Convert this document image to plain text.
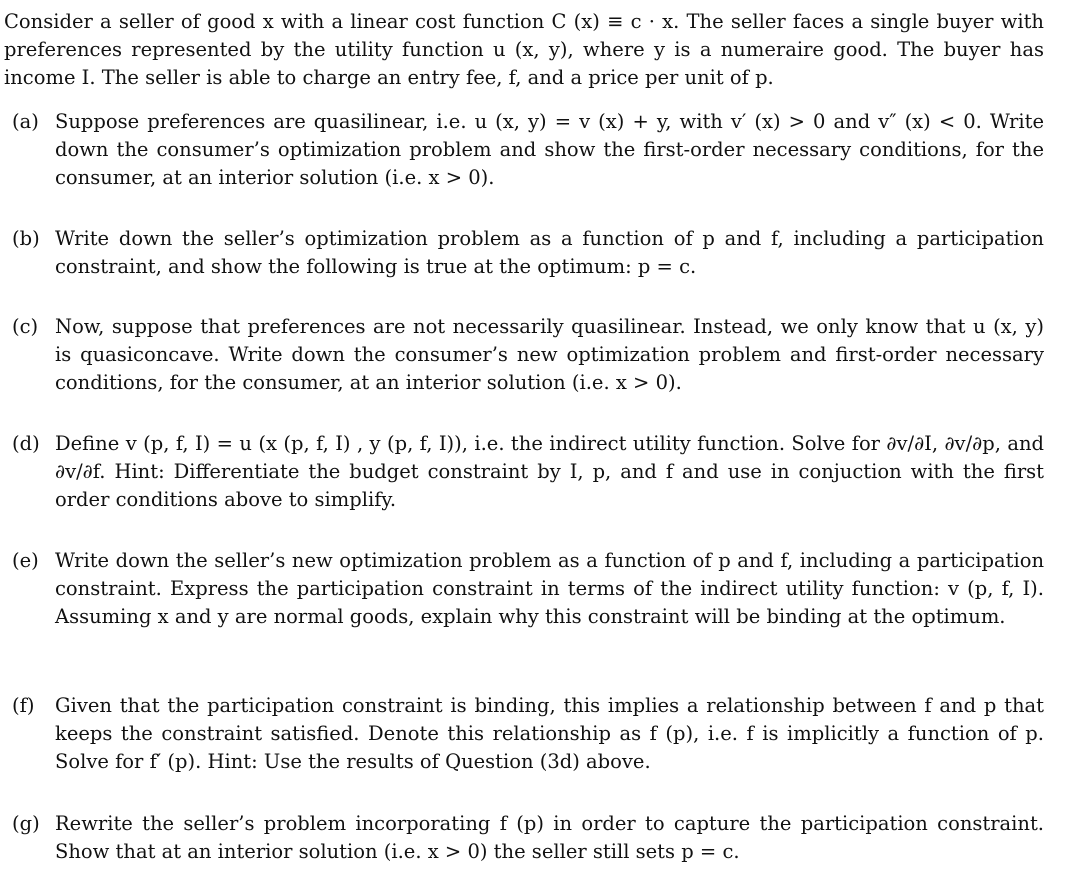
Consider a seller of good x with a linear cost function C (x) ≡ c · x. The seller faces a single buyer with preferences represented by the utility function u (x, y), where y is a numeraire good. The buyer has income I. The seller is able to charge an entry fee, f, and a price per unit of p.
(a) Suppose preferences are quasilinear, i.e. u (x, y) = v (x) + y, with v′ (x) > 0 and v″ (x) < 0. Write down the consumer’s optimization problem and show the first-order necessary conditions, for the consumer, at an interior solution (i.e. x > 0).
(b) Write down the seller’s optimization problem as a function of p and f, including a participation constraint, and show the following is true at the optimum: p = c.
(c) Now, suppose that preferences are not necessarily quasilinear. Instead, we only know that u (x, y) is quasiconcave. Write down the consumer’s new optimization problem and first-order necessary conditions, for the consumer, at an interior solution (i.e. x > 0).
(d) Define v (p, f, I) = u (x (p, f, I) , y (p, f, I)), i.e. the indirect utility function. Solve for ∂v/∂I, ∂v/∂p, and ∂v/∂f. Hint: Differentiate the budget constraint by I, p, and f and use in conjuction with the first order conditions above to simplify.
(e) Write down the seller’s new optimization problem as a function of p and f, including a participation constraint. Express the participation constraint in terms of the indirect utility function: v (p, f, I). Assuming x and y are normal goods, explain why this constraint will be binding at the optimum.
(f)	Given that the participation constraint is binding, this implies a relationship between f and p that keeps the constraint satisfied. Denote this relationship as f (p), i.e. f is implicitly a function of p. Solve for f′ (p). Hint: Use the results of Question (3d) above.
(g) Rewrite the seller’s problem incorporating f (p) in order to capture the participation constraint. Show that at an interior solution (i.e. x > 0) the seller still sets p = c.
